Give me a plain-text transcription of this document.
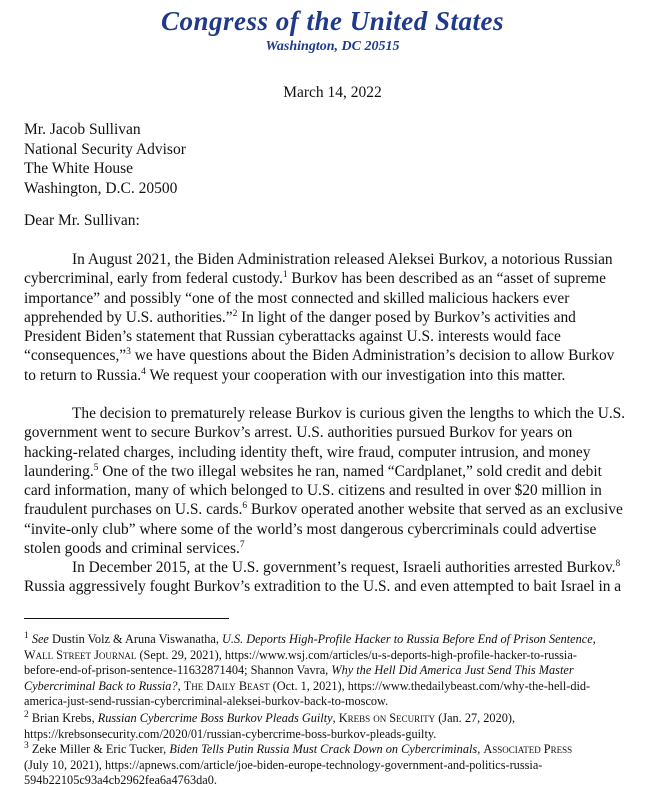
Congress of the United States
Washington, DC 20515
March 14, 2022
Mr. Jacob Sullivan
National Security Advisor
The White House
Washington, D.C. 20500
Dear Mr. Sullivan:
In August 2021, the Biden Administration released Aleksei Burkov, a notorious Russian
cybercriminal, early from federal custody.$^1$ Burkov has been described as an “asset of supreme
importance” and possibly “one of the most connected and skilled malicious hackers ever
apprehended by U.S. authorities.”$^2$ In light of the danger posed by Burkov’s activities and
President Biden’s statement that Russian cyberattacks against U.S. interests would face
“consequences,”$^3$ we have questions about the Biden Administration’s decision to allow Burkov
to return to Russia.$^4$ We request your cooperation with our investigation into this matter.
The decision to prematurely release Burkov is curious given the lengths to which the U.S.
government went to secure Burkov’s arrest. U.S. authorities pursued Burkov for years on
hacking-related charges, including identity theft, wire fraud, computer intrusion, and money
laundering.$^5$ One of the two illegal websites he ran, named “Cardplanet,” sold credit and debit
card information, many of which belonged to U.S. citizens and resulted in over $20 million in
fraudulent purchases on U.S. cards.$^6$ Burkov operated another website that served as an exclusive
“invite-only club” where some of the world’s most dangerous cybercriminals could advertise
stolen goods and criminal services.$^7$
In December 2015, at the U.S. government’s request, Israeli authorities arrested Burkov.$^8$
Russia aggressively fought Burkov’s extradition to the U.S. and even attempted to bait Israel in a
$^1$ See Dustin Volz & Aruna Viswanatha, U.S. Deports High-Profile Hacker to Russia Before End of Prison Sentence,
Wall Street Journal (Sept. 29, 2021), https://www.wsj.com/articles/u-s-deports-high-profile-hacker-to-russia-
before-end-of-prison-sentence-11632871404; Shannon Vavra, Why the Hell Did America Just Send This Master
Cybercriminal Back to Russia?, The Daily Beast (Oct. 1, 2021), https://www.thedailybeast.com/why-the-hell-did-
america-just-send-russian-cybercriminal-aleksei-burkov-back-to-moscow.
$^2$ Brian Krebs, Russian Cybercrime Boss Burkov Pleads Guilty, Krebs on Security (Jan. 27, 2020),
https://krebsonsecurity.com/2020/01/russian-cybercrime-boss-burkov-pleads-guilty.
$^3$ Zeke Miller & Eric Tucker, Biden Tells Putin Russia Must Crack Down on Cybercriminals, Associated Press
(July 10, 2021), https://apnews.com/article/joe-biden-europe-technology-government-and-politics-russia-
594b22105c93a4cb2962fea6a4763da0.
